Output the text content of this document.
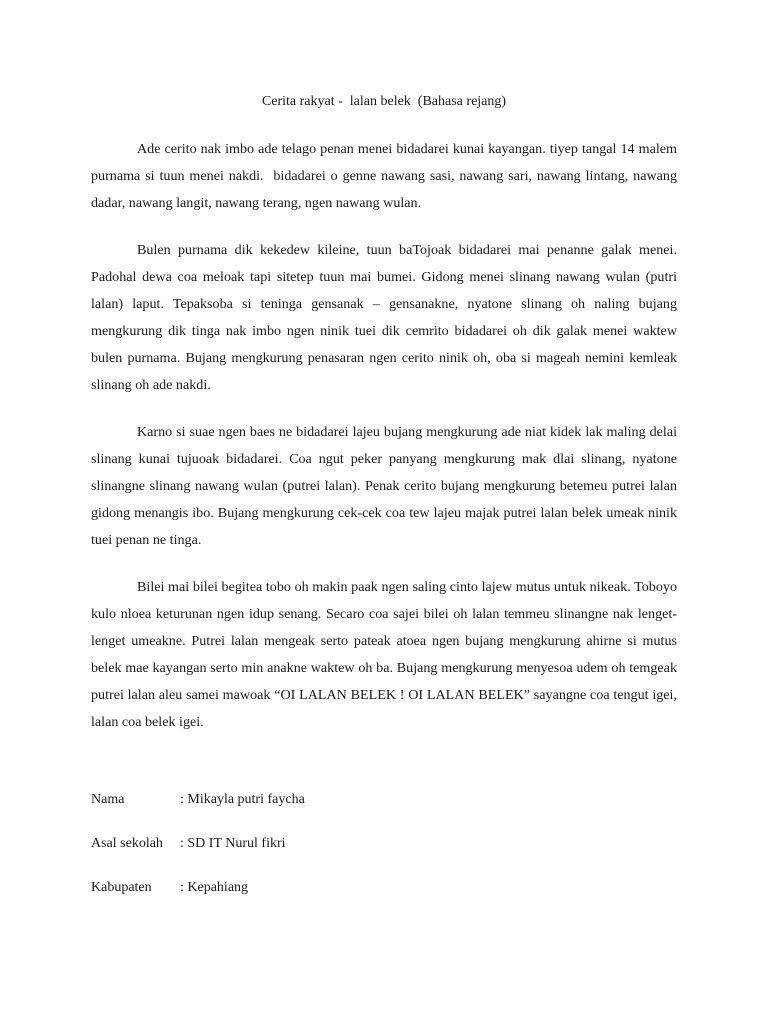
Cerita rakyat -  lalan belek  (Bahasa rejang)

Ade cerito nak imbo ade telago penan menei bidadarei kunai kayangan. tiyep tangal 14 malem purnama si tuun menei nakdi.  bidadarei o genne nawang sasi, nawang sari, nawang lintang, nawang dadar, nawang langit, nawang terang, ngen nawang wulan.

Bulen purnama dik kekedew kileine, tuun baTojoak bidadarei mai penanne galak menei. Padohal dewa coa meloak tapi sitetep tuun mai bumei. Gidong menei slinang nawang wulan (putri lalan) laput. Tepaksoba si teninga gensanak – gensanakne, nyatone slinang oh naling bujang mengkurung dik tinga nak imbo ngen ninik tuei dik cemrito bidadarei oh dik galak menei waktew bulen purnama. Bujang mengkurung penasaran ngen cerito ninik oh, oba si mageah nemini kemleak slinang oh ade nakdi.

Karno si suae ngen baes ne bidadarei lajeu bujang mengkurung ade niat kidek lak maling delai slinang kunai tujuoak bidadarei. Coa ngut peker panyang mengkurung mak dlai slinang, nyatone slinangne slinang nawang wulan (putrei lalan). Penak cerito bujang mengkurung betemeu putrei lalan gidong menangis ibo. Bujang mengkurung cek-cek coa tew lajeu majak putrei lalan belek umeak ninik tuei penan ne tinga.

Bilei mai bilei begitea tobo oh makin paak ngen saling cinto lajew mutus untuk nikeak. Toboyo kulo nloea keturunan ngen idup senang. Secaro coa sajei bilei oh lalan temmeu slinangne nak lenget-lenget umeakne. Putrei lalan mengeak serto pateak atoea ngen bujang mengkurung ahirne si mutus belek mae kayangan serto min anakne waktew oh ba. Bujang mengkurung menyesoa udem oh temgeak putrei lalan aleu samei mawoak “OI LALAN BELEK ! OI LALAN BELEK” sayangne coa tengut igei, lalan coa belek igei.

Nama	: Mikayla putri faycha
Asal sekolah	: SD IT Nurul fikri
Kabupaten	: Kepahiang
